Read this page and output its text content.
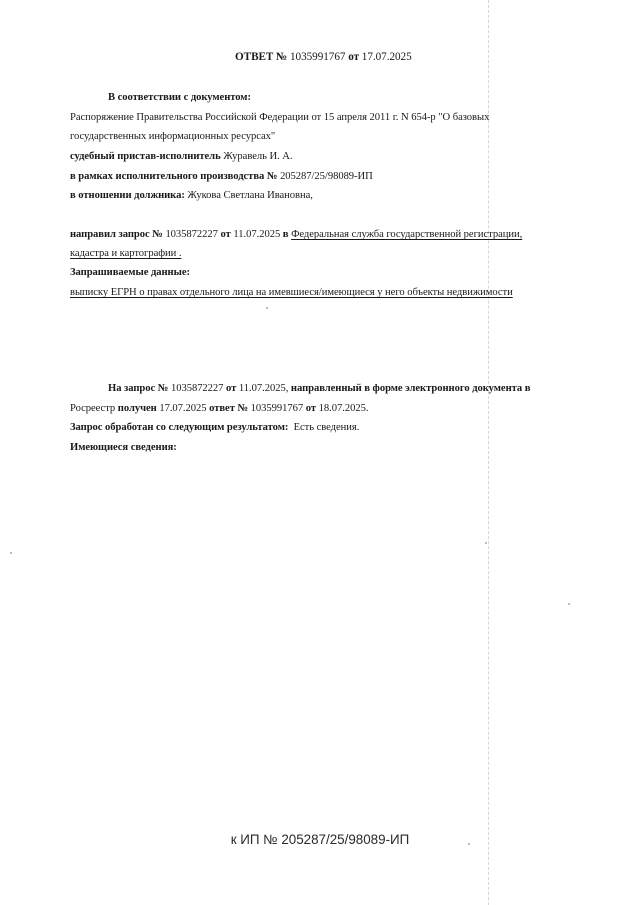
ОТВЕТ № 1035991767 от 17.07.2025
В соответствии с документом:
Распоряжение Правительства Российской Федерации от 15 апреля 2011 г. N 654-р "О базовых
государственных информационных ресурсах"
судебный пристав-исполнитель Журавель И. А.
в рамках исполнительного производства № 205287/25/98089-ИП
в отношении должника: Жукова Светлана Ивановна,
направил запрос № 1035872227 от 11.07.2025 в Федеральная служба государственной регистрации,
кадастра и картографии .
Запрашиваемые данные:
выписку ЕГРН о правах отдельного лица на имевшиеся/имеющиеся у него объекты недвижимости
На запрос № 1035872227 от 11.07.2025, направленный в форме электронного документа в
Росреестр получен 17.07.2025 ответ № 1035991767 от 18.07.2025.
Запрос обработан со следующим результатом: Есть сведения.
Имеющиеся сведения:
к ИП № 205287/25/98089-ИП
